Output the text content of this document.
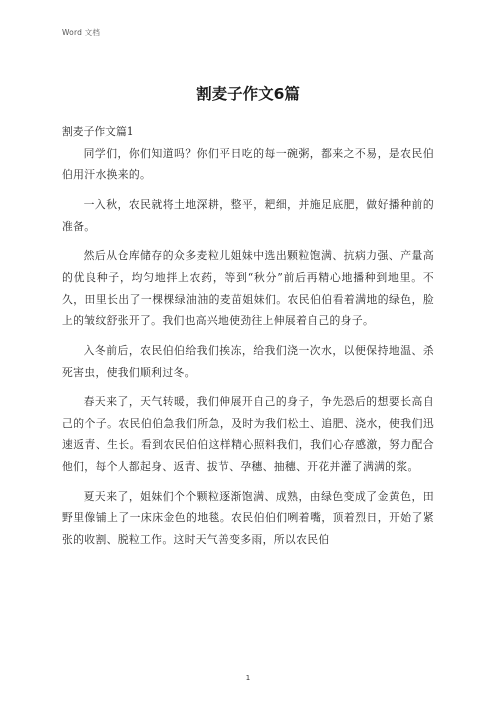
Word 文档
割麦子作文6篇

割麦子作文篇1

同学们，你们知道吗？你们平日吃的每一碗粥，都来之不易，是农民伯伯用汗水换来的。

一入秋，农民就将土地深耕，整平，耙细，并施足底肥，做好播种前的准备。

然后从仓库储存的众多麦粒儿姐妹中选出颗粒饱满、抗病力强、产量高的优良种子，均匀地拌上农药，等到“秋分”前后再精心地播种到地里。不久，田里长出了一棵棵绿油油的麦苗姐妹们。农民伯伯看着满地的绿色，脸上的皱纹舒张开了。我们也高兴地使劲往上伸展着自己的身子。

入冬前后，农民伯伯给我们挨冻，给我们浇一次水，以便保持地温、杀死害虫，使我们顺利过冬。

春天来了，天气转暖，我们伸展开自己的身子，争先恐后的想要长高自己的个子。农民伯伯急我们所急，及时为我们松土、追肥、浇水，使我们迅速返青、生长。看到农民伯伯这样精心照料我们，我们心存感激，努力配合他们，每个人都起身、返青、拔节、孕穗、抽穗、开花并灌了满满的浆。

夏天来了，姐妹们个个颗粒逐渐饱满、成熟，由绿色变成了金黄色，田野里像铺上了一床床金色的地毯。农民伯伯们咧着嘴，顶着烈日，开始了紧张的收割、脱粒工作。这时天气善变多雨，所以农民伯

1
